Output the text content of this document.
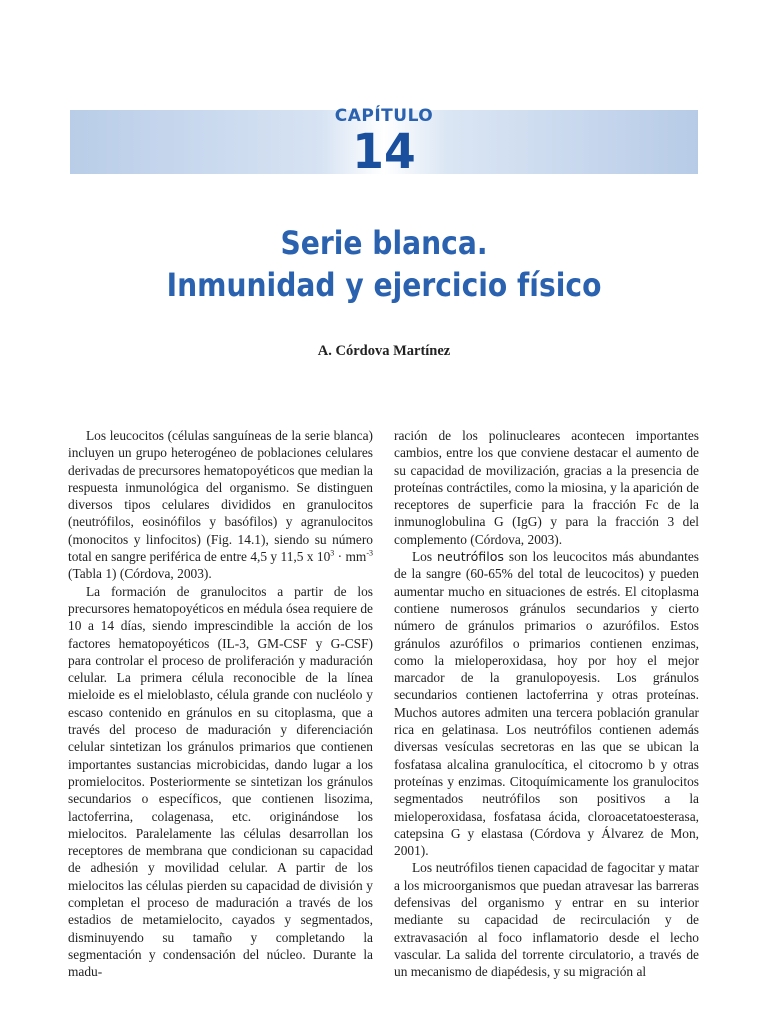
CAPÍTULO
14
Serie blanca.
Inmunidad y ejercicio físico
A. Córdova Martínez

Los leucocitos (células sanguíneas de la serie blanca) incluyen un grupo heterogéneo de poblaciones celulares derivadas de precursores hematopoyéticos que median la respuesta inmunológica del organismo. Se distinguen diversos tipos celulares divididos en granulocitos (neutrófilos, eosinófilos y basófilos) y agranulocitos (monocitos y linfocitos) (Fig. 14.1), siendo su número total en sangre periférica de entre 4,5 y 11,5 x $10^3 \cdot mm^{-3}$ (Tabla 1) (Córdova, 2003).

La formación de granulocitos a partir de los precursores hematopoyéticos en médula ósea requiere de 10 a 14 días, siendo imprescindible la acción de los factores hematopoyéticos (IL-3, GM-CSF y G-CSF) para controlar el proceso de proliferación y maduración celular. La primera célula reconocible de la línea mieloide es el mieloblasto, célula grande con nucléolo y escaso contenido en gránulos en su citoplasma, que a través del proceso de maduración y diferenciación celular sintetizan los gránulos primarios que contienen importantes sustancias microbicidas, dando lugar a los promielocitos. Posteriormente se sintetizan los gránulos secundarios o específicos, que contienen lisozima, lactoferrina, colagenasa, etc. originándose los mielocitos. Paralelamente las células desarrollan los receptores de membrana que condicionan su capacidad de adhesión y movilidad celular. A partir de los mielocitos las células pierden su capacidad de división y completan el proceso de maduración a través de los estadios de metamielocito, cayados y segmentados, disminuyendo su tamaño y completando la segmentación y condensación del núcleo. Durante la madu-

ración de los polinucleares acontecen importantes cambios, entre los que conviene destacar el aumento de su capacidad de movilización, gracias a la presencia de proteínas contráctiles, como la miosina, y la aparición de receptores de superficie para la fracción Fc de la inmunoglobulina G (IgG) y para la fracción 3 del complemento (Córdova, 2003).

Los neutrófilos son los leucocitos más abundantes de la sangre (60-65% del total de leucocitos) y pueden aumentar mucho en situaciones de estrés. El citoplasma contiene numerosos gránulos secundarios y cierto número de gránulos primarios o azurófilos. Estos gránulos azurófilos o primarios contienen enzimas, como la mieloperoxidasa, hoy por hoy el mejor marcador de la granulopoyesis. Los gránulos secundarios contienen lactoferrina y otras proteínas. Muchos autores admiten una tercera población granular rica en gelatinasa. Los neutrófilos contienen además diversas vesículas secretoras en las que se ubican la fosfatasa alcalina granulocítica, el citocromo b y otras proteínas y enzimas. Citoquímicamente los granulocitos segmentados neutrófilos son positivos a la mieloperoxidasa, fosfatasa ácida, cloroacetatoesterasa, catepsina G y elastasa (Córdova y Álvarez de Mon, 2001).

Los neutrófilos tienen capacidad de fagocitar y matar a los microorganismos que puedan atravesar las barreras defensivas del organismo y entrar en su interior mediante su capacidad de recirculación y de extravasación al foco inflamatorio desde el lecho vascular. La salida del torrente circulatorio, a través de un mecanismo de diapédesis, y su migración al
